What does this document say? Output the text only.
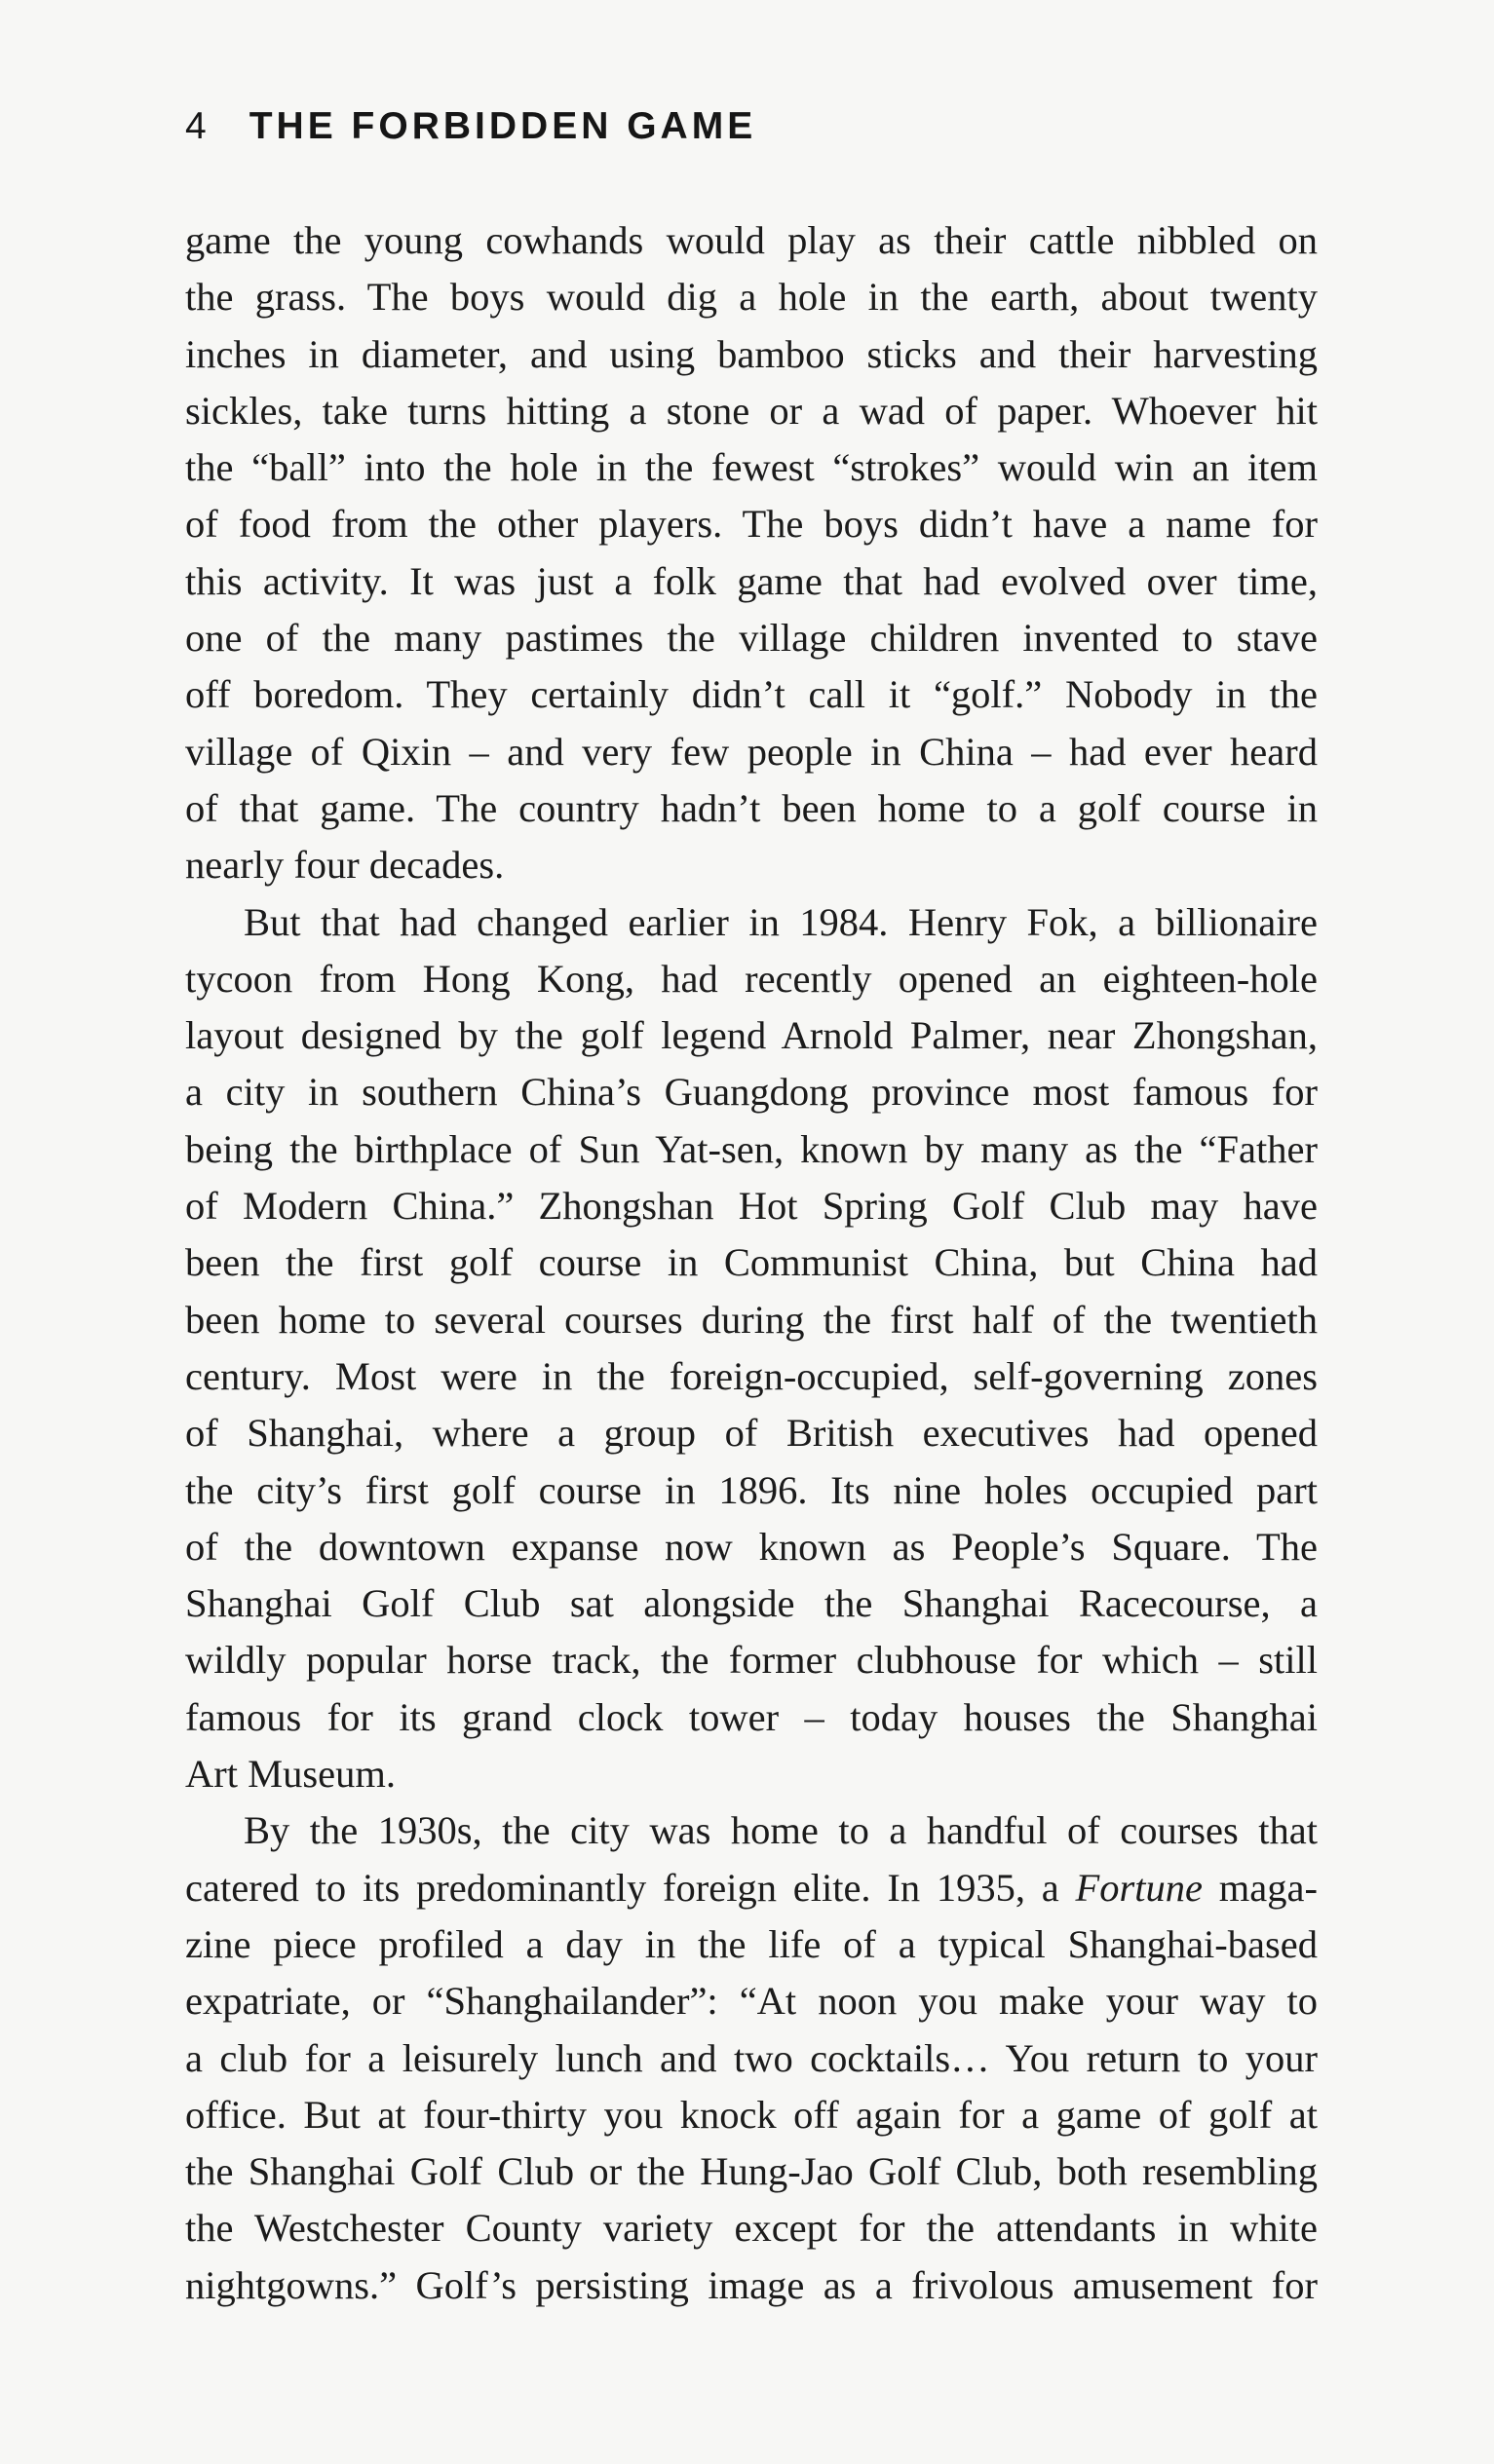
4 THE FORBIDDEN GAME
game the young cowhands would play as their cattle nibbled on
the grass. The boys would dig a hole in the earth, about twenty
inches in diameter, and using bamboo sticks and their harvesting
sickles, take turns hitting a stone or a wad of paper. Whoever hit
the “ball” into the hole in the fewest “strokes” would win an item
of food from the other players. The boys didn’t have a name for
this activity. It was just a folk game that had evolved over time,
one of the many pastimes the village children invented to stave
off boredom. They certainly didn’t call it “golf.” Nobody in the
village of Qixin – and very few people in China – had ever heard
of that game. The country hadn’t been home to a golf course in
nearly four decades.
But that had changed earlier in 1984. Henry Fok, a billionaire
tycoon from Hong Kong, had recently opened an eighteen-hole
layout designed by the golf legend Arnold Palmer, near Zhongshan,
a city in southern China’s Guangdong province most famous for
being the birthplace of Sun Yat-sen, known by many as the “Father
of Modern China.” Zhongshan Hot Spring Golf Club may have
been the first golf course in Communist China, but China had
been home to several courses during the first half of the twentieth
century. Most were in the foreign-occupied, self-governing zones
of Shanghai, where a group of British executives had opened
the city’s first golf course in 1896. Its nine holes occupied part
of the downtown expanse now known as People’s Square. The
Shanghai Golf Club sat alongside the Shanghai Racecourse, a
wildly popular horse track, the former clubhouse for which – still
famous for its grand clock tower – today houses the Shanghai
Art Museum.
By the 1930s, the city was home to a handful of courses that
catered to its predominantly foreign elite. In 1935, a Fortune maga-
zine piece profiled a day in the life of a typical Shanghai-based
expatriate, or “Shanghailander”: “At noon you make your way to
a club for a leisurely lunch and two cocktails… You return to your
office. But at four-thirty you knock off again for a game of golf at
the Shanghai Golf Club or the Hung-Jao Golf Club, both resembling
the Westchester County variety except for the attendants in white
nightgowns.” Golf’s persisting image as a frivolous amusement for
